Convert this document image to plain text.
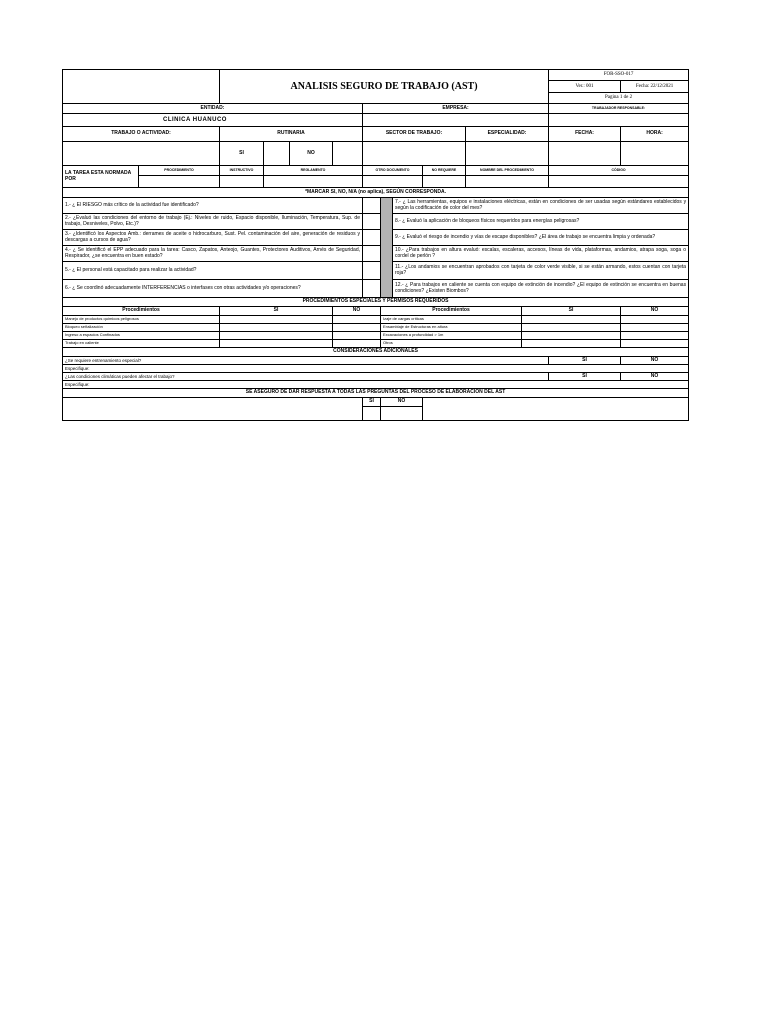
		ANALISIS SEGURO DE TRABAJO (AST)										FOR-SSO-017	
												Ver.: 001	Fecha: 22/12/2021
												Pagina 1 de 2	
ENTIDAD:						EMPRESA:						TRABAJADOR RESPONSABLE:	
CLINICA HUANUCO													
TRABAJO O ACTIVIDAD:		RUTINARIA				SECTOR DE TRABAJO:				ESPECIALIDAD:		FECHA:	HORA:
		SI		NO									
LA TAREA ESTA NORMADA POR	PROCEDIMIENTO	INSTRUCTIVO	REGLAMENTO			OTRO DOCUMENTO			NO REQUIERE	NOMBRE DEL PROCEDIMIENTO		CÓDIGO	

*MARCAR SI, NO, N/A (no aplica), SEGÚN CORRESPONDA.													
1.- ¿ El RIESGO más crítico de la actividad fue identificado?								7.- ¿ Las herramientas, equipos e instalaciones eléctricas, están en condiciones de ser usadas según estándares establecidos y según la codificación de color del mes?					
2.- ¿Evaluó las condiciones del entorno de trabajo (Ej.: Niveles de ruido, Espacio disponible, Iluminación, Temperatura, Sup. de trabajo, Desniveles, Polvo, Etc.)?								8.- ¿ Evaluó la aplicación de bloqueos físicos requeridos para energías peligrosas?					
3.- ¿Identificó los Aspectos Amb.: derrames de aceite o hidrocarburo, Sust. Pel. contaminación del aire, generación de residuos y descargas a cursos de agua?								9.- ¿ Evaluó el riesgo de incendio y vías de escape disponibles? ¿El área de trabajo se encuentra limpia y ordenada?					
4.- ¿ Se identificó el EPP adecuado para la tarea: Casco, Zapatos, Anteojo, Guantes, Protectores Auditivos, Arnés de Seguridad, Respirador, ¿se encuentra en buen estado?								10.- ¿Para trabajos en altura evaluó: escalas, escaleras, accesos, líneas de vida, plataformas, andamios, atrapa soga, soga o cordel de perlón ?					
5.- ¿ El personal está capacitado para realizar la actividad?								11.- ¿Los andamios se encuentran aprobados con tarjeta de color verde visible, si se están armando, estos cuentan con tarjeta roja?					
6.- ¿ Se coordinó adecuadamente INTERFERENCIAS o interfases con otras actividades y/o operaciones?								12.- ¿ Para trabajos en caliente se cuenta con equipo de extinción de incendio? ¿El equipo de extinción se encuentra en buenas condiciones? ¿Existen Biombos?					
PROCEDIMIENTOS ESPECIALES Y PERMISOS REQUERIDOS													
Procedimientos		SI			NO		Procedimientos				SI		NO
Manejo de productos químicos peligrosos							Izaje de cargas críticas						
Bloqueo señalización							Ensamblaje de Estructuras en altura						
Ingreso a espacios Confinados							Excavaciones a profundidad > 1m						
Trabajo en caliente							Otros						
CONSIDERACIONES ADICIONALES													
¿Se requiere entrenamiento especial?												SI	NO
Especifique:													
¿Las condiciones climáticas pueden afectar el trabajo?												SI	NO
Especifique:													
SE ASEGURÓ DE DAR RESPUESTA A TODAS LAS PREGUNTAS DEL PROCESO DE ELABORACIÓN DEL AST													
						SI	NO						
